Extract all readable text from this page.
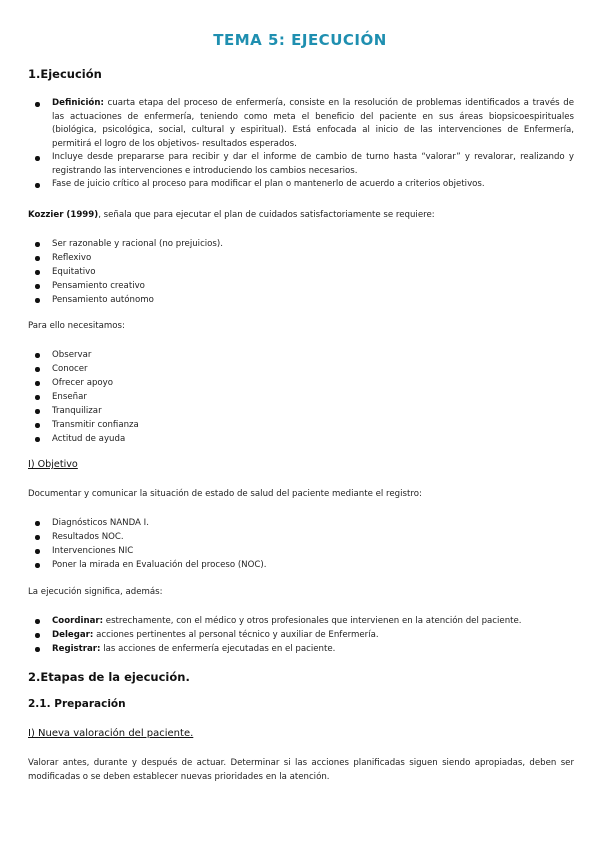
TEMA 5: EJECUCIÓN
1.Ejecución
Definición: cuarta etapa del proceso de enfermería, consiste en la resolución de problemas identificados a través de las actuaciones de enfermería, teniendo como meta el beneficio del paciente en sus áreas biopsicoespirituales (biológica, psicológica, social, cultural y espiritual). Está enfocada al inicio de las intervenciones de Enfermería, permitirá el logro de los objetivos- resultados esperados.
Incluye desde prepararse para recibir y dar el informe de cambio de turno hasta “valorar” y revalorar, realizando y registrando las intervenciones e introduciendo los cambios necesarios.
Fase de juicio crítico al proceso para modificar el plan o mantenerlo de acuerdo a criterios objetivos.
Kozzier (1999), señala que para ejecutar el plan de cuidados satisfactoriamente se requiere:
Ser razonable y racional (no prejuicios).
Reflexivo
Equitativo
Pensamiento creativo
Pensamiento autónomo
Para ello necesitamos:
Observar
Conocer
Ofrecer apoyo
Enseñar
Tranquilizar
Transmitir confianza
Actitud de ayuda
I) Objetivo
Documentar y comunicar la situación de estado de salud del paciente mediante el registro:
Diagnósticos NANDA I.
Resultados NOC.
Intervenciones NIC
Poner la mirada en Evaluación del proceso (NOC).
La ejecución significa, además:
Coordinar: estrechamente, con el médico y otros profesionales que intervienen en la atención del paciente.
Delegar: acciones pertinentes al personal técnico y auxiliar de Enfermería.
Registrar: las acciones de enfermería ejecutadas en el paciente.
2.Etapas de la ejecución.
2.1. Preparación
I) Nueva valoración del paciente.
Valorar antes, durante y después de actuar. Determinar si las acciones planificadas siguen siendo apropiadas, deben ser modificadas o se deben establecer nuevas prioridades en la atención.
